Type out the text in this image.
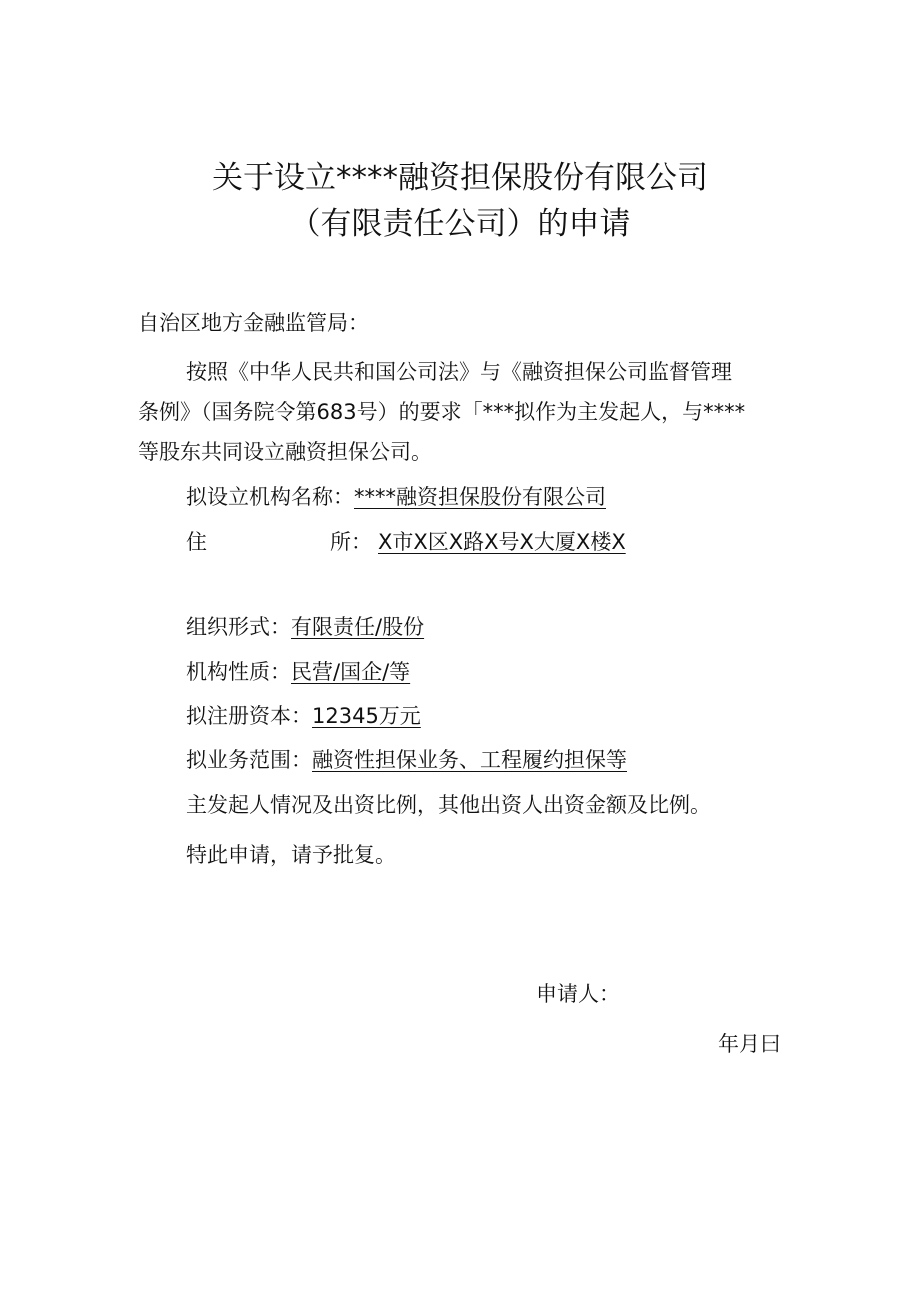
关于设立****融资担保股份有限公司
（有限责任公司）的申请
自治区地方金融监管局：
按照《中华人民共和国公司法》与《融资担保公司监督管理
条例》（国务院令第683号）的要求「***拟作为主发起人，与****
等股东共同设立融资担保公司。
拟设立机构名称：****融资担保股份有限公司
住	所： X市X区X路X号X大厦X楼X
组织形式：有限责任/股份
机构性质：民营/国企/等
拟注册资本：12345万元
拟业务范围：融资性担保业务、工程履约担保等
主发起人情况及出资比例，其他出资人出资金额及比例。
特此申请，请予批复。
申请人：
年月曰
